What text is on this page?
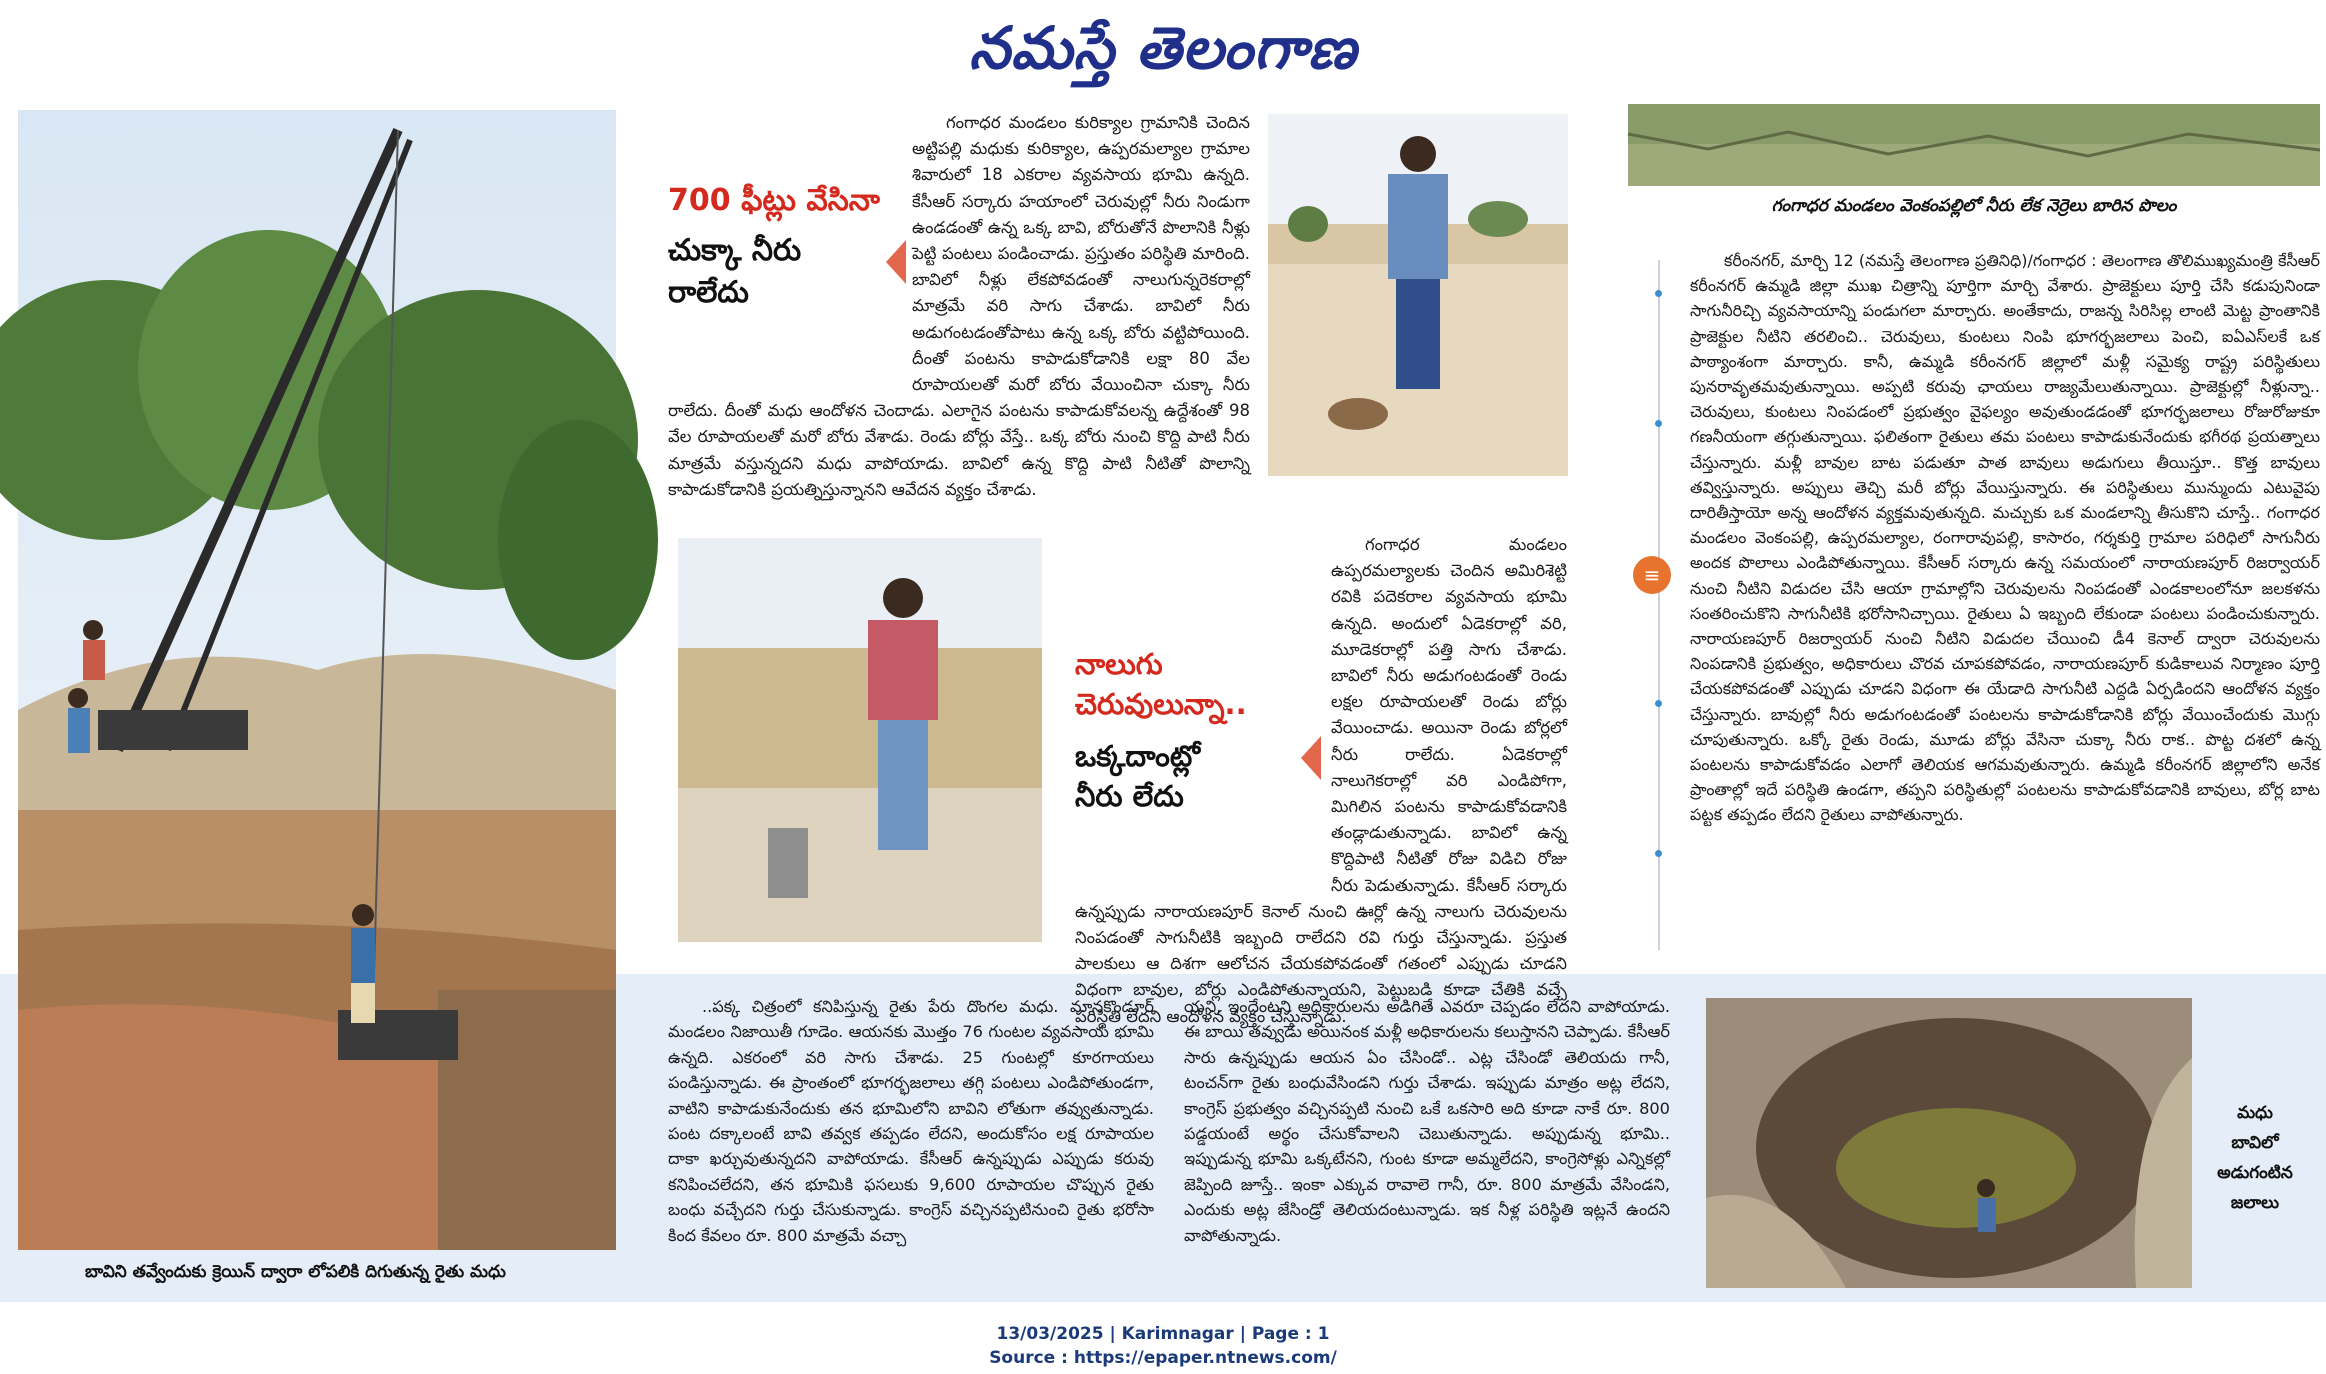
నమస్తే తెలంగాణ
బావిని తవ్వేందుకు క్రెయిన్ ద్వారా లోపలికి దిగుతున్న రైతు మధు
700 ఫీట్లు వేసినా
చుక్కా నీరు
రాలేదు

గంగాధర మండలం కురిక్యాల గ్రామానికి చెందిన అట్టిపల్లి మధుకు కురిక్యాల, ఉప్పరమల్యాల గ్రామాల శివారులో 18 ఎకరాల వ్యవసాయ భూమి ఉన్నది. కేసీఆర్ సర్కారు హయాంలో చెరువుల్లో నీరు నిండుగా ఉండడంతో ఉన్న ఒక్క బావి, బోరుతోనే పొలానికి నీళ్లు పెట్టి పంటలు పండించాడు. ప్రస్తుతం పరిస్థితి మారింది. బావిలో నీళ్లు లేకపోవడంతో నాలుగున్నరెకరాల్లో మాత్రమే వరి సాగు చేశాడు. బావిలో నీరు అడుగంటడంతోపాటు ఉన్న ఒక్క బోరు వట్టిపోయింది. దీంతో పంటను కాపాడుకోడానికి లక్షా 80 వేల రూపాయలతో మరో బోరు వేయించినా చుక్కా నీరు రాలేదు. దీంతో మధు ఆందోళన చెందాడు. ఎలాగైన పంటను కాపాడుకోవలన్న ఉద్దేశంతో 98 వేల రూపాయలతో మరో బోరు వేశాడు. రెండు బోర్లు వేస్తే.. ఒక్క బోరు నుంచి కొద్ది పాటి నీరు మాత్రమే వస్తున్నదని మధు వాపోయాడు. బావిలో ఉన్న కొద్ది పాటి నీటితో పొలాన్ని కాపాడుకోడానికి ప్రయత్నిస్తున్నానని ఆవేదన వ్యక్తం చేశాడు.

నాలుగు
చెరువులున్నా..
ఒక్కదాంట్లో
నీరు లేదు

గంగాధర మండలం ఉప్పరమల్యాలకు చెందిన అమిరిశెట్టి రవికి పదెకరాల వ్యవసాయ భూమి ఉన్నది. అందులో ఏడెకరాల్లో వరి, మూడెకరాల్లో పత్తి సాగు చేశాడు. బావిలో నీరు అడుగంటడంతో రెండు లక్షల రూపాయలతో రెండు బోర్లు వేయించాడు. అయినా రెండు బోర్లలో నీరు రాలేదు. ఏడెకరాల్లో నాలుగెకరాల్లో వరి ఎండిపోగా, మిగిలిన పంటను కాపాడుకోవడానికి తండ్లాడుతున్నాడు. బావిలో ఉన్న కొద్దిపాటి నీటితో రోజు విడిచి రోజు నీరు పెడుతున్నాడు. కేసీఆర్ సర్కారు ఉన్నప్పుడు నారాయణపూర్ కెనాల్ నుంచి ఊర్లో ఉన్న నాలుగు చెరువులను నింపడంతో సాగునీటికి ఇబ్బంది రాలేదని రవి గుర్తు చేస్తున్నాడు. ప్రస్తుత పాలకులు ఆ దిశగా ఆలోచన చేయకపోవడంతో గతంలో ఎప్పుడు చూడని విధంగా బావుల, బోర్లు ఎండిపోతున్నాయని, పెట్టుబడి కూడా చేతికి వచ్చే పరిస్థితి లేదని ఆందోళన వ్యక్తం చేస్తున్నాడు.

గంగాధర మండలం వెంకంపల్లిలో నీరు లేక నెర్రెలు బారిన పొలం
≡

కరీంనగర్, మార్చి 12 (నమస్తే తెలంగాణ ప్రతినిధి)/గంగాధర : తెలంగాణ తొలిముఖ్యమంత్రి కేసీఆర్ కరీంనగర్ ఉమ్మడి జిల్లా ముఖ చిత్రాన్ని పూర్తిగా మార్చి వేశారు. ప్రాజెక్టులు పూర్తి చేసి కడుపునిండా సాగునీరిచ్చి వ్యవసాయాన్ని పండుగలా మార్చారు. అంతేకాదు, రాజన్న సిరిసిల్ల లాంటి మెట్ట ప్రాంతానికి ప్రాజెక్టుల నీటిని తరలించి.. చెరువులు, కుంటలు నింపి భూగర్భజలాలు పెంచి, ఐఏఎస్‌లకే ఒక పాఠ్యాంశంగా మార్చారు. కానీ, ఉమ్మడి కరీంనగర్ జిల్లాలో మళ్లీ సమైక్య రాష్ట్ర పరిస్థితులు పునరావృతమవుతున్నాయి. అప్పటి కరువు ఛాయలు రాజ్యమేలుతున్నాయి. ప్రాజెక్టుల్లో నీళ్లున్నా.. చెరువులు, కుంటలు నింపడంలో ప్రభుత్వం వైఫల్యం అవుతుండడంతో భూగర్భజలాలు రోజురోజుకూ గణనీయంగా తగ్గుతున్నాయి. ఫలితంగా రైతులు తమ పంటలు కాపాడుకునేందుకు భగీరథ ప్రయత్నాలు చేస్తున్నారు. మళ్లీ బావుల బాట పడుతూ పాత బావులు అడుగులు తీయిస్తూ.. కొత్త బావులు తవ్విస్తున్నారు. అప్పులు తెచ్చి మరీ బోర్లు వేయిస్తున్నారు. ఈ పరిస్థితులు మున్ముందు ఎటువైపు దారితీస్తాయో అన్న ఆందోళన వ్యక్తమవుతున్నది. మచ్చుకు ఒక మండలాన్ని తీసుకొని చూస్తే.. గంగాధర మండలం వెంకంపల్లి, ఉప్పరమల్యాల, రంగారావుపల్లి, కాసారం, గర్శకుర్తి గ్రామాల పరిధిలో సాగునీరు అందక పొలాలు ఎండిపోతున్నాయి. కేసీఆర్ సర్కారు ఉన్న సమయంలో నారాయణపూర్ రిజర్వాయర్ నుంచి నీటిని విడుదల చేసి ఆయా గ్రామాల్లోని చెరువులను నింపడంతో ఎండకాలంలోనూ జలకళను సంతరించుకొని సాగునీటికి భరోసానిచ్చాయి. రైతులు ఏ ఇబ్బంది లేకుండా పంటలు పండించుకున్నారు. నారాయణపూర్ రిజర్వాయర్ నుంచి నీటిని విడుదల చేయించి డీ4 కెనాల్ ద్వారా చెరువులను నింపడానికి ప్రభుత్వం, అధికారులు చొరవ చూపకపోవడం, నారాయణపూర్ కుడికాలువ నిర్మాణం పూర్తి చేయకపోవడంతో ఎప్పుడు చూడని విధంగా ఈ యేడాది సాగునీటి ఎద్దడి ఏర్పడిందని ఆందోళన వ్యక్తం చేస్తున్నారు. బావుల్లో నీరు అడుగంటడంతో పంటలను కాపాడుకోడానికి బోర్లు వేయించేందుకు మొగ్గు చూపుతున్నారు. ఒక్కో రైతు రెండు, మూడు బోర్లు వేసినా చుక్కా నీరు రాక.. పొట్ట దశలో ఉన్న పంటలను కాపాడుకోవడం ఎలాగో తెలియక ఆగమవుతున్నారు. ఉమ్మడి కరీంనగర్ జిల్లాలోని అనేక ప్రాంతాల్లో ఇదే పరిస్థితి ఉండగా, తప్పని పరిస్థితుల్లో పంటలను కాపాడుకోవడానికి బావులు, బోర్ల బాట పట్టక తప్పడం లేదని రైతులు వాపోతున్నారు.

..పక్క చిత్రంలో కనిపిస్తున్న రైతు పేరు దొంగల మధు. మానకొండూర్ మండలం నిజాయితీ గూడెం. ఆయనకు మొత్తం 76 గుంటల వ్యవసాయ భూమి ఉన్నది. ఎకరంలో వరి సాగు చేశాడు. 25 గుంటల్లో కూరగాయలు పండిస్తున్నాడు. ఈ ప్రాంతంలో భూగర్భజలాలు తగ్గి పంటలు ఎండిపోతుండగా, వాటిని కాపాడుకునేందుకు తన భూమిలోని బావిని లోతుగా తవ్వుతున్నాడు. పంట దక్కాలంటే బావి తవ్వక తప్పడం లేదని, అందుకోసం లక్ష రూపాయల దాకా ఖర్చువుతున్నదని వాపోయాడు. కేసీఆర్ ఉన్నప్పుడు ఎప్పుడు కరువు కనిపించలేదని, తన భూమికి ఫసలుకు 9,600 రూపాయల చొప్పున రైతు బంధు వచ్చేదని గుర్తు చేసుకున్నాడు. కాంగ్రెస్ వచ్చినప్పటినుంచి రైతు భరోసా కింద కేవలం రూ. 800 మాత్రమే వచ్చా

యని, ఇందేంటని అధికారులను అడిగితే ఎవరూ చెప్పడం లేదని వాపోయాడు. ఈ బాయి తవ్వుడు అయినంక మళ్లీ అధికారులను కలుస్తానని చెప్పాడు. కేసీఆర్ సారు ఉన్నప్పుడు ఆయన ఏం చేసిండో.. ఎట్ల చేసిండో తెలియదు గానీ, టంచన్‌గా రైతు బంధువేసిండని గుర్తు చేశాడు. ఇప్పుడు మాత్రం అట్ల లేదని, కాంగ్రెస్ ప్రభుత్వం వచ్చినప్పటి నుంచి ఒకే ఒకసారి అది కూడా నాకే రూ. 800 పడ్డయంటే అర్థం చేసుకోవాలని చెబుతున్నాడు. అప్పుడున్న భూమి.. ఇప్పుడున్న భూమి ఒక్కటేనని, గుంట కూడా అమ్మలేదని, కాంగ్రెసోళ్లు ఎన్నికల్లో జెప్పింది జూస్తే.. ఇంకా ఎక్కువ రావాలె గానీ, రూ. 800 మాత్రమే వేసిండని, ఎందుకు అట్ల జేసిండ్రో తెలియదంటున్నాడు. ఇక నీళ్ల పరిస్థితి ఇట్లనే ఉందని వాపోతున్నాడు.

మధు
బావిలో
అడుగంటిన
జలాలు
13/03/2025 | Karimnagar | Page : 1
Source : https://epaper.ntnews.com/
